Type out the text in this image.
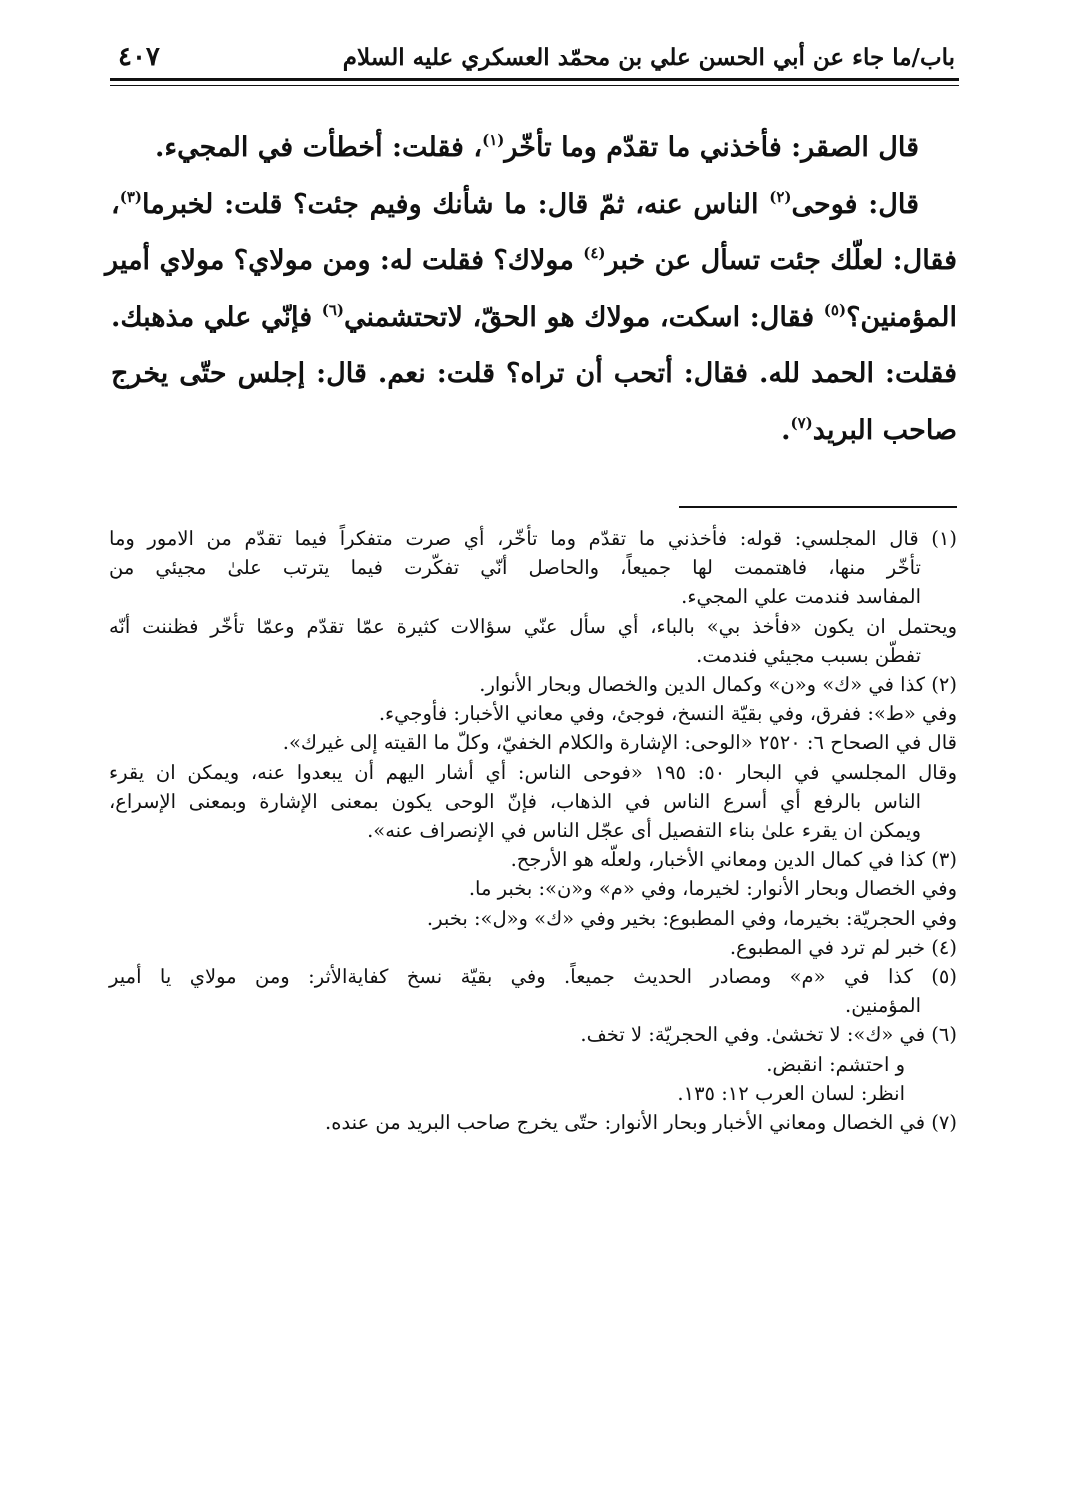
باب/ما جاء عن أبي الحسن علي بن محمّد العسكري عليه السلام
٤٠٧
قال الصقر: فأخذني ما تقدّم وما تأخّر$^{(١)}$، فقلت: أخطأت في المجيء.
قال: فوحى$^{(٢)}$ الناس عنه، ثمّ قال: ما شأنك وفيم جئت؟ قلت: لخبرما$^{(٣)}$،
فقال: لعلّك جئت تسأل عن خبر$^{(٤)}$ مولاك؟ فقلت له: ومن مولاي؟ مولاي أمير
المؤمنين؟$^{(٥)}$ فقال: اسكت، مولاك هو الحقّ، لاتحتشمني$^{(٦)}$ فإنّي علي مذهبك.
فقلت: الحمد لله. فقال: أتحب أن تراه؟ قلت: نعم. قال: إجلس حتّى يخرج
صاحب البريد$^{(٧)}$.
(١) قال المجلسي: قوله: فأخذني ما تقدّم وما تأخّر، أي صرت متفكراً فيما تقدّم من الامور وما
تأخّر منها، فاهتممت لها جميعاً، والحاصل أنّي تفكّرت فيما يترتب علىٰ مجيئي من
المفاسد فندمت علي المجيء.
ويحتمل ان يكون «فأخذ بي» بالباء، أي سأل عنّي سؤالات كثيرة عمّا تقدّم وعمّا تأخّر فظننت أنّه
تفطّن بسبب مجيئي فندمت.
(٢) كذا في «ك» و«ن» وكمال الدين والخصال وبحار الأنوار.
وفي «ط»: ففرق، وفي بقيّة النسخ، فوجئ، وفي معاني الأخبار: فأوجيء.
قال في الصحاح ٦: ٢٥٢٠ «الوحى: الإشارة والكلام الخفيّ، وكلّ ما القيته إلى غيرك».
وقال المجلسي في البحار ٥٠: ١٩٥ «فوحى الناس: أي أشار اليهم أن يبعدوا عنه، ويمكن ان يقرء
الناس بالرفع أي أسرع الناس في الذهاب، فإنّ الوحى يكون بمعنى الإشارة وبمعنى الإسراع،
ويمكن ان يقرء علىٰ بناء التفصيل أى عجّل الناس في الإنصراف عنه».
(٣) كذا في كمال الدين ومعاني الأخبار، ولعلّه هو الأرجح.
وفي الخصال وبحار الأنوار: لخيرما، وفي «م» و«ن»: بخبر ما.
وفي الحجريّة: بخيرما، وفي المطبوع: بخير وفي «ك» و«ل»: بخبر.
(٤) خبر لم ترد في المطبوع.
(٥) كذا في «م» ومصادر الحديث جميعاً. وفي بقيّة نسخ كفايةالأثر: ومن مولاي يا أمير
المؤمنين.
(٦) في «ك»: لا تخشىٰ. وفي الحجريّة: لا تخف.
و احتشم: انقبض.
انظر: لسان العرب ١٢: ١٣٥.
(٧) في الخصال ومعاني الأخبار وبحار الأنوار: حتّى يخرج صاحب البريد من عنده.
